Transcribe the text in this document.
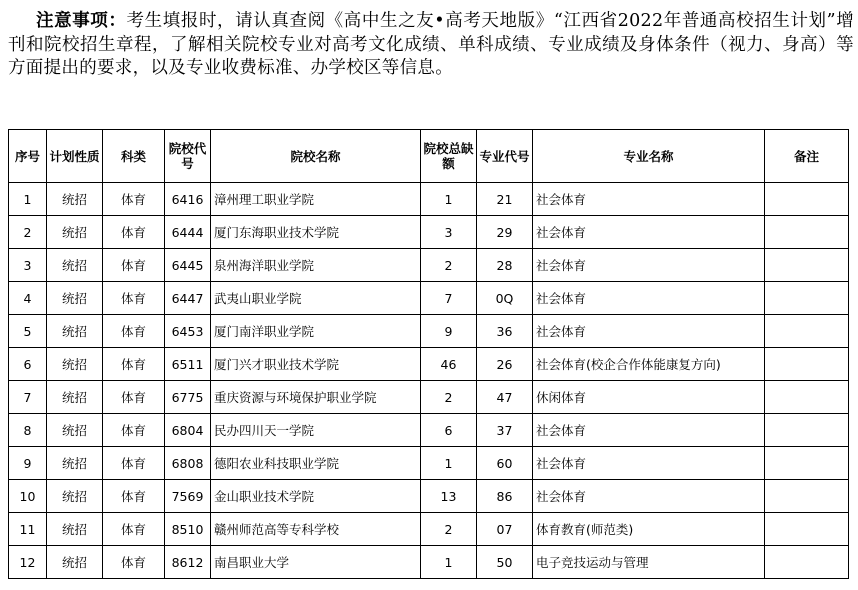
注意事项：考生填报时，请认真查阅《高中生之友•高考天地版》“江西省2022年普通高校招生计划”增刊和院校招生章程，了解相关院校专业对高考文化成绩、单科成绩、专业成绩及身体条件（视力、身高）等方面提出的要求，以及专业收费标准、办学校区等信息。
序号	计划性质	科类	院校代号	院校名称	院校总缺额	专业代号	专业名称	备注
1	统招	体育	6416	漳州理工职业学院	1	21	社会体育	
2	统招	体育	6444	厦门东海职业技术学院	3	29	社会体育	
3	统招	体育	6445	泉州海洋职业学院	2	28	社会体育	
4	统招	体育	6447	武夷山职业学院	7	0Q	社会体育	
5	统招	体育	6453	厦门南洋职业学院	9	36	社会体育	
6	统招	体育	6511	厦门兴才职业技术学院	46	26	社会体育(校企合作体能康复方向)	
7	统招	体育	6775	重庆资源与环境保护职业学院	2	47	休闲体育	
8	统招	体育	6804	民办四川天一学院	6	37	社会体育	
9	统招	体育	6808	德阳农业科技职业学院	1	60	社会体育	
10	统招	体育	7569	金山职业技术学院	13	86	社会体育	
11	统招	体育	8510	赣州师范高等专科学校	2	07	体育教育(师范类)	
12	统招	体育	8612	南昌职业大学	1	50	电子竞技运动与管理	
